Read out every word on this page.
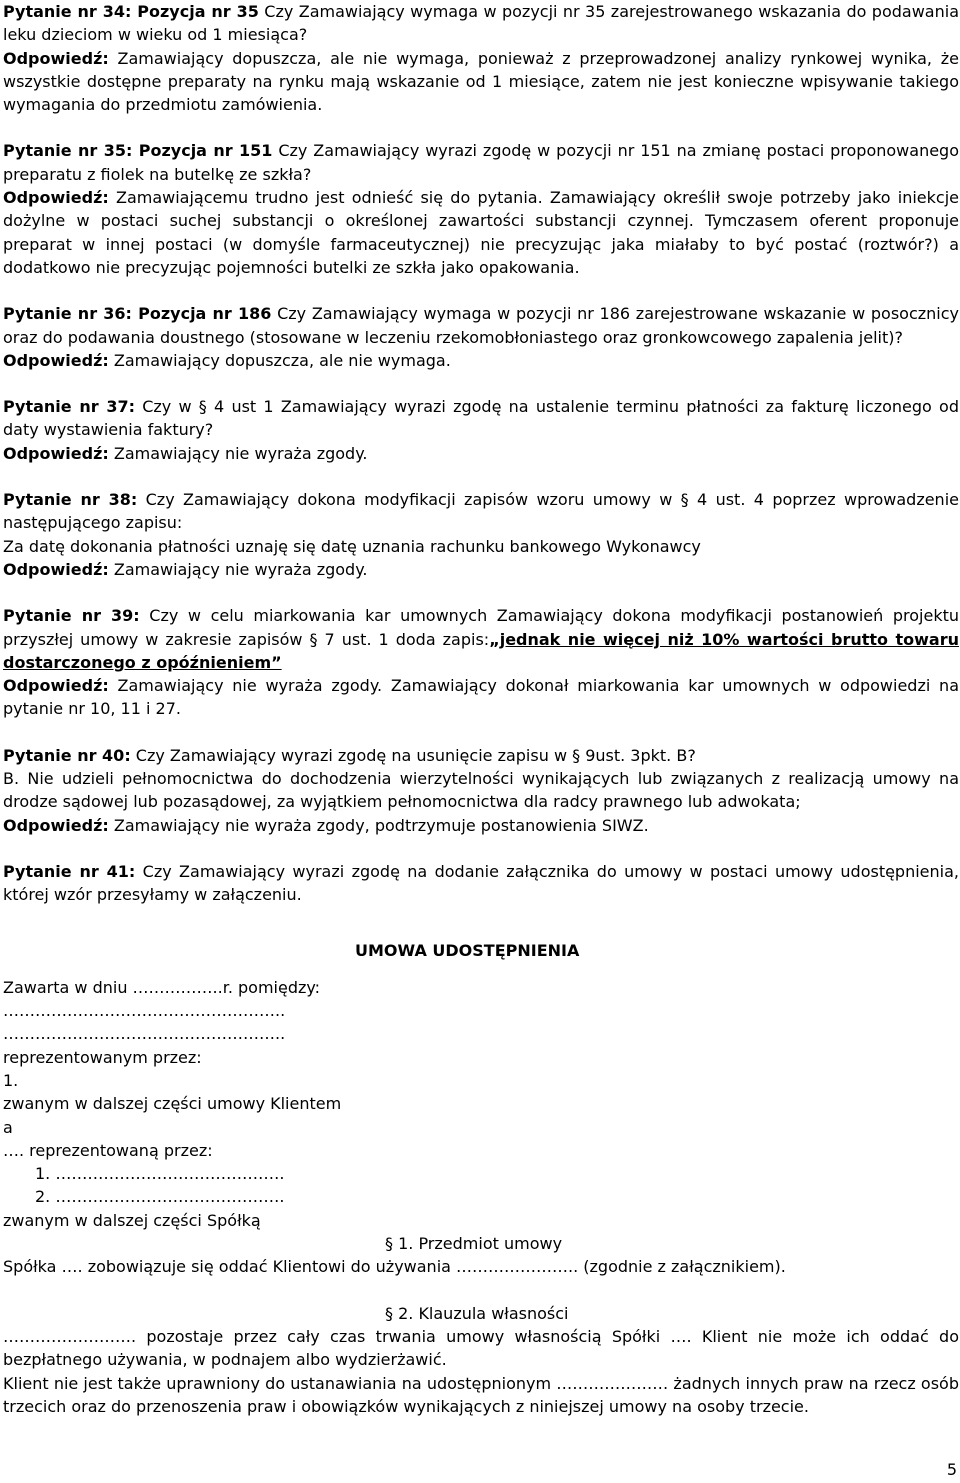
Pytanie nr 34: Pozycja nr 35 Czy Zamawiający wymaga w pozycji nr 35 zarejestrowanego wskazania do podawania leku dzieciom w wieku od 1 miesiąca?

Odpowiedź: Zamawiający dopuszcza, ale nie wymaga, ponieważ z przeprowadzonej analizy rynkowej wynika, że wszystkie dostępne preparaty na rynku mają wskazanie od 1 miesiące, zatem nie jest konieczne wpisywanie takiego wymagania do przedmiotu zamówienia.

Pytanie nr 35: Pozycja nr 151 Czy Zamawiający wyrazi zgodę w pozycji nr 151 na zmianę postaci proponowanego preparatu z fiolek na butelkę ze szkła?

Odpowiedź: Zamawiającemu trudno jest odnieść się do pytania. Zamawiający określił swoje potrzeby jako iniekcje dożylne w postaci suchej substancji o określonej zawartości substancji czynnej. Tymczasem oferent proponuje preparat w innej postaci (w domyśle farmaceutycznej) nie precyzując jaka miałaby to być postać (roztwór?) a dodatkowo nie precyzując pojemności butelki ze szkła jako opakowania.

Pytanie nr 36: Pozycja nr 186 Czy Zamawiający wymaga w pozycji nr 186 zarejestrowane wskazanie w posocznicy oraz do podawania doustnego (stosowane w leczeniu rzekomobłoniastego oraz gronkowcowego zapalenia jelit)?

Odpowiedź: Zamawiający dopuszcza, ale nie wymaga.

Pytanie nr 37: Czy w § 4 ust 1 Zamawiający wyrazi zgodę na ustalenie terminu płatności za fakturę liczonego od daty wystawienia faktury?

Odpowiedź: Zamawiający nie wyraża zgody.

Pytanie nr 38: Czy Zamawiający dokona modyfikacji zapisów wzoru umowy w § 4 ust. 4 poprzez wprowadzenie następującego zapisu:

Za datę dokonania płatności uznaję się datę uznania rachunku bankowego Wykonawcy

Odpowiedź: Zamawiający nie wyraża zgody.

Pytanie nr 39: Czy w celu miarkowania kar umownych Zamawiający dokona modyfikacji postanowień projektu przyszłej umowy w zakresie zapisów § 7 ust. 1 doda zapis:„jednak nie więcej niż 10% wartości brutto towaru dostarczonego z opóźnieniem”

Odpowiedź: Zamawiający nie wyraża zgody. Zamawiający dokonał miarkowania kar umownych w odpowiedzi na pytanie nr 10, 11 i 27.

Pytanie nr 40: Czy Zamawiający wyrazi zgodę na usunięcie zapisu w § 9ust. 3pkt. B?

B. Nie udzieli pełnomocnictwa do dochodzenia wierzytelności wynikających lub związanych z realizacją umowy na drodze sądowej lub pozasądowej, za wyjątkiem pełnomocnictwa dla radcy prawnego lub adwokata;

Odpowiedź: Zamawiający nie wyraża zgody, podtrzymuje postanowienia SIWZ.

Pytanie nr 41: Czy Zamawiający wyrazi zgodę na dodanie załącznika do umowy w postaci umowy udostępnienia, której wzór przesyłamy w załączeniu.

UMOWA UDOSTĘPNIENIA

Zawarta w dniu ……………..r. pomiędzy:

……………………………………………..

……………………………………………..

reprezentowanym przez:

1.

zwanym w dalszej części umowy Klientem

a

…. reprezentowaną przez:

1. …………………………………….

2. …………………………………….

zwanym w dalszej części Spółką

§ 1. Przedmiot umowy

Spółka …. zobowiązuje się oddać Klientowi do używania ………………….. (zgodnie z załącznikiem).

§ 2. Klauzula własności

……………………. pozostaje przez cały czas trwania umowy własnością Spółki …. Klient nie może ich oddać do bezpłatnego używania, w podnajem albo wydzierżawić.

Klient nie jest także uprawniony do ustanawiania na udostępnionym ………………… żadnych innych praw na rzecz osób trzecich oraz do przenoszenia praw i obowiązków wynikających z niniejszej umowy na osoby trzecie.

5
